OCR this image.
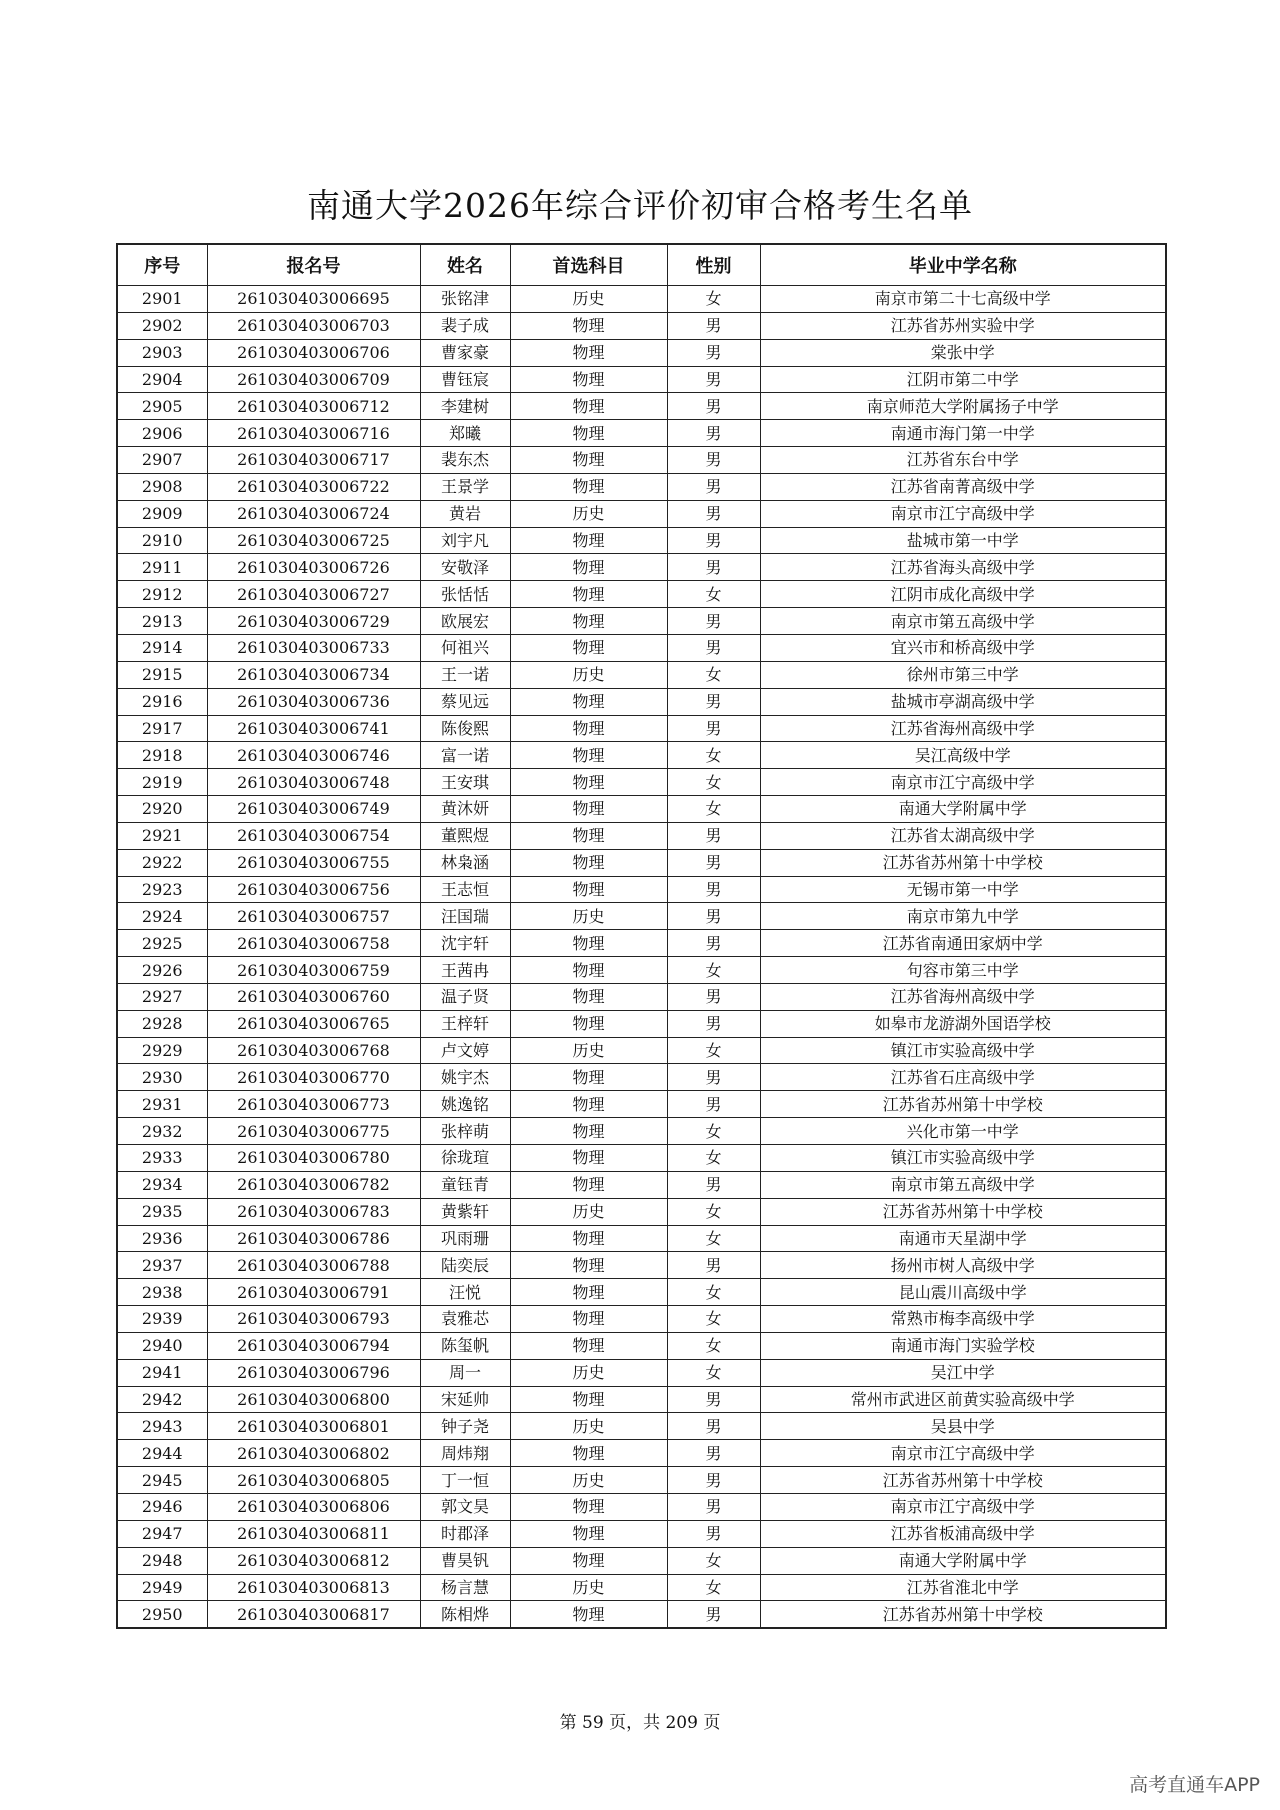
南通大学2026年综合评价初审合格考生名单
序号	报名号	姓名	首选科目	性别	毕业中学名称
2901	261030403006695	张铭津	历史	女	南京市第二十七高级中学
2902	261030403006703	裴子成	物理	男	江苏省苏州实验中学
2903	261030403006706	曹家豪	物理	男	棠张中学
2904	261030403006709	曹钰宸	物理	男	江阴市第二中学
2905	261030403006712	李建树	物理	男	南京师范大学附属扬子中学
2906	261030403006716	郑曦	物理	男	南通市海门第一中学
2907	261030403006717	裴东杰	物理	男	江苏省东台中学
2908	261030403006722	王景学	物理	男	江苏省南菁高级中学
2909	261030403006724	黄岩	历史	男	南京市江宁高级中学
2910	261030403006725	刘宇凡	物理	男	盐城市第一中学
2911	261030403006726	安敬泽	物理	男	江苏省海头高级中学
2912	261030403006727	张恬恬	物理	女	江阴市成化高级中学
2913	261030403006729	欧展宏	物理	男	南京市第五高级中学
2914	261030403006733	何祖兴	物理	男	宜兴市和桥高级中学
2915	261030403006734	王一诺	历史	女	徐州市第三中学
2916	261030403006736	蔡见远	物理	男	盐城市亭湖高级中学
2917	261030403006741	陈俊熙	物理	男	江苏省海州高级中学
2918	261030403006746	富一诺	物理	女	吴江高级中学
2919	261030403006748	王安琪	物理	女	南京市江宁高级中学
2920	261030403006749	黄沐妍	物理	女	南通大学附属中学
2921	261030403006754	董熙煜	物理	男	江苏省太湖高级中学
2922	261030403006755	林枭涵	物理	男	江苏省苏州第十中学校
2923	261030403006756	王志恒	物理	男	无锡市第一中学
2924	261030403006757	汪国瑞	历史	男	南京市第九中学
2925	261030403006758	沈宇轩	物理	男	江苏省南通田家炳中学
2926	261030403006759	王茜冉	物理	女	句容市第三中学
2927	261030403006760	温子贤	物理	男	江苏省海州高级中学
2928	261030403006765	王梓轩	物理	男	如皋市龙游湖外国语学校
2929	261030403006768	卢文婷	历史	女	镇江市实验高级中学
2930	261030403006770	姚宇杰	物理	男	江苏省石庄高级中学
2931	261030403006773	姚逸铭	物理	男	江苏省苏州第十中学校
2932	261030403006775	张梓萌	物理	女	兴化市第一中学
2933	261030403006780	徐珑瑄	物理	女	镇江市实验高级中学
2934	261030403006782	童钰青	物理	男	南京市第五高级中学
2935	261030403006783	黄紫轩	历史	女	江苏省苏州第十中学校
2936	261030403006786	巩雨珊	物理	女	南通市天星湖中学
2937	261030403006788	陆奕辰	物理	男	扬州市树人高级中学
2938	261030403006791	汪悦	物理	女	昆山震川高级中学
2939	261030403006793	袁雅芯	物理	女	常熟市梅李高级中学
2940	261030403006794	陈玺帆	物理	女	南通市海门实验学校
2941	261030403006796	周一	历史	女	吴江中学
2942	261030403006800	宋延帅	物理	男	常州市武进区前黄实验高级中学
2943	261030403006801	钟子尧	历史	男	吴县中学
2944	261030403006802	周炜翔	物理	男	南京市江宁高级中学
2945	261030403006805	丁一恒	历史	男	江苏省苏州第十中学校
2946	261030403006806	郭文昊	物理	男	南京市江宁高级中学
2947	261030403006811	时郡泽	物理	男	江苏省板浦高级中学
2948	261030403006812	曹昊钒	物理	女	南通大学附属中学
2949	261030403006813	杨言慧	历史	女	江苏省淮北中学
2950	261030403006817	陈相烨	物理	男	江苏省苏州第十中学校
第 59 页，共 209 页
高考直通车APP
